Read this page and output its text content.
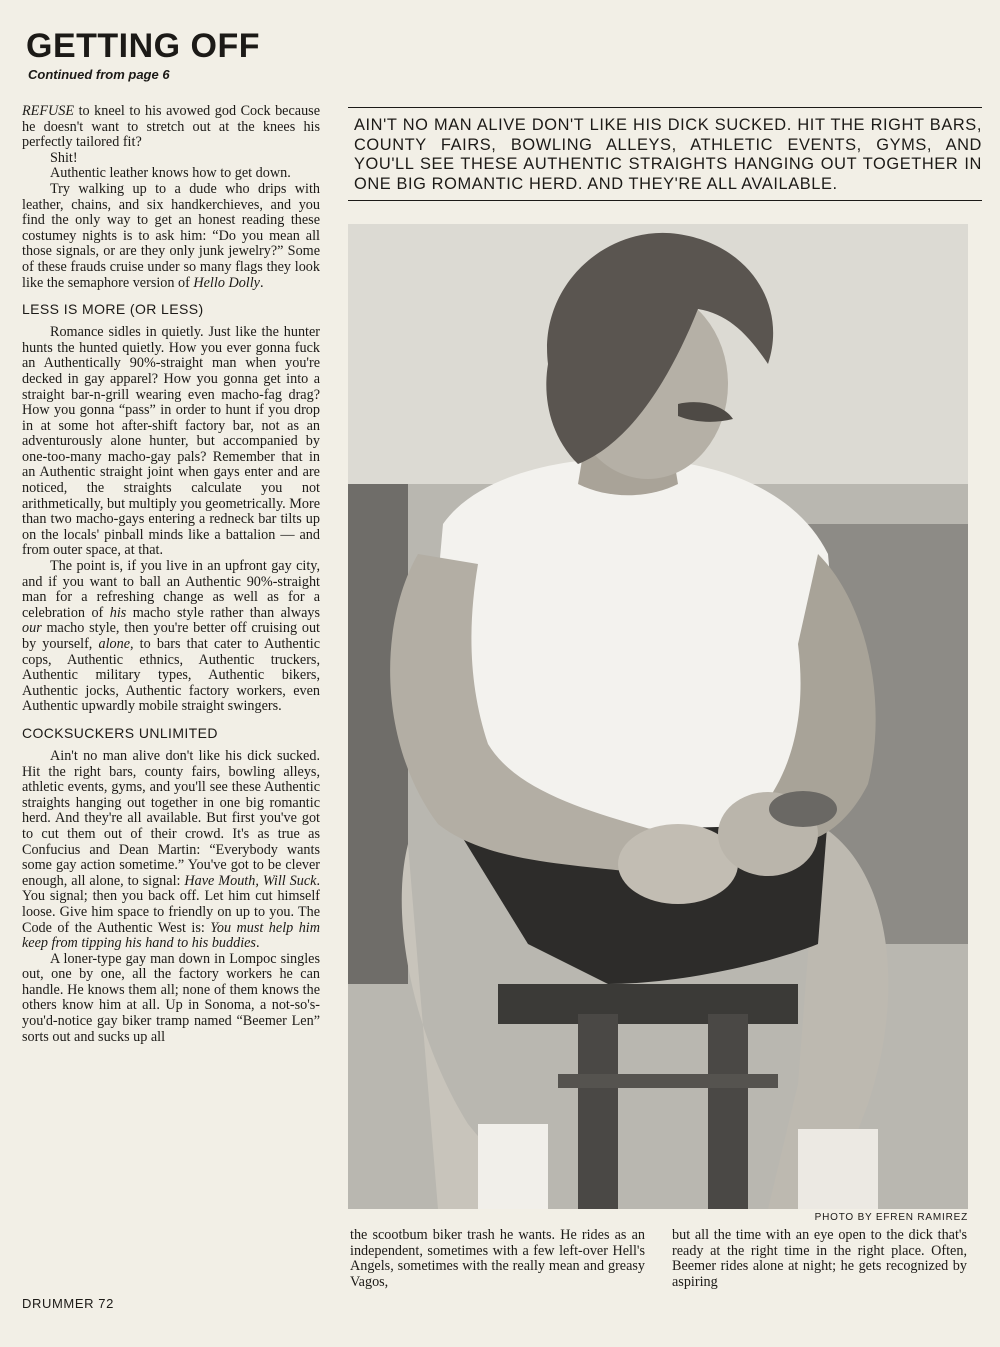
GETTING OFF
Continued from page 6

REFUSE to kneel to his avowed god Cock because he doesn't want to stretch out at the knees his perfectly tailored fit?

Shit!

Authentic leather knows how to get down.

Try walking up to a dude who drips with leather, chains, and six handkerchieves, and you find the only way to get an honest reading these costumey nights is to ask him: “Do you mean all those signals, or are they only junk jewelry?” Some of these frauds cruise under so many flags they look like the semaphore version of Hello Dolly.

LESS IS MORE (OR LESS)

Romance sidles in quietly. Just like the hunter hunts the hunted quietly. How you ever gonna fuck an Authentically 90%-straight man when you're decked in gay apparel? How you gonna get into a straight bar-n-grill wearing even macho-fag drag? How you gonna “pass” in order to hunt if you drop in at some hot after-shift factory bar, not as an adventurously alone hunter, but accompanied by one-too-many macho-gay pals? Remember that in an Authentic straight joint when gays enter and are noticed, the straights calculate you not arithmetically, but multiply you geometrically. More than two macho-gays entering a redneck bar tilts up on the locals' pinball minds like a battalion — and from outer space, at that.

The point is, if you live in an upfront gay city, and if you want to ball an Authentic 90%-straight man for a refreshing change as well as for a celebration of his macho style rather than always our macho style, then you're better off cruising out by yourself, alone, to bars that cater to Authentic cops, Authentic ethnics, Authentic truckers, Authentic military types, Authentic bikers, Authentic jocks, Authentic factory workers, even Authentic upwardly mobile straight swingers.

COCKSUCKERS UNLIMITED

Ain't no man alive don't like his dick sucked. Hit the right bars, county fairs, bowling alleys, athletic events, gyms, and you'll see these Authentic straights hanging out together in one big romantic herd. And they're all available. But first you've got to cut them out of their crowd. It's as true as Confucius and Dean Martin: “Everybody wants some gay action sometime.” You've got to be clever enough, all alone, to signal: Have Mouth, Will Suck. You signal; then you back off. Let him cut himself loose. Give him space to friendly on up to you. The Code of the Authentic West is: You must help him keep from tipping his hand to his buddies.

A loner-type gay man down in Lompoc singles out, one by one, all the factory workers he can handle. He knows them all; none of them knows the others know him at all. Up in Sonoma, a not-so's-you'd-notice gay biker tramp named “Beemer Len” sorts out and sucks up all

AIN'T NO MAN ALIVE DON'T LIKE HIS DICK SUCKED. HIT THE RIGHT BARS, COUNTY FAIRS, BOWLING ALLEYS, ATHLETIC EVENTS, GYMS, AND YOU'LL SEE THESE AUTHENTIC STRAIGHTS HANGING OUT TOGETHER IN ONE BIG ROMANTIC HERD. AND THEY'RE ALL AVAILABLE.
PHOTO BY EFREN RAMIREZ

the scootbum biker trash he wants. He rides as an independent, sometimes with a few left-over Hell's Angels, sometimes with the really mean and greasy Vagos,

but all the time with an eye open to the dick that's ready at the right time in the right place. Often, Beemer rides alone at night; he gets recognized by aspiring

DRUMMER 72
